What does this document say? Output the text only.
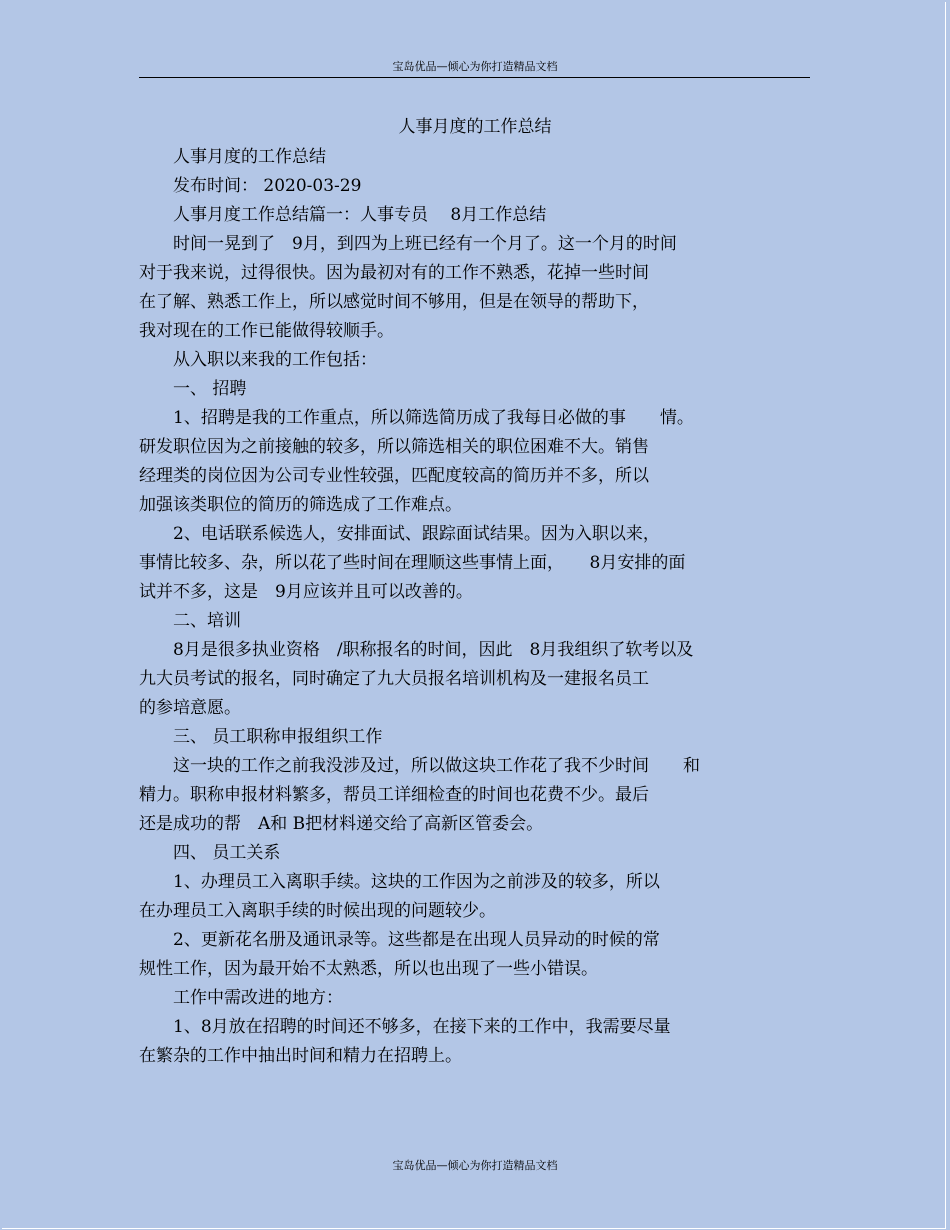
宝岛优品—倾心为你打造精品文档
人事月度的工作总结
人事月度的工作总结
发布时间： 2020-03-29
人事月度工作总结篇一：人事专员　 8月工作总结
时间一晃到了　9月，到四为上班已经有一个月了。这一个月的时间
对于我来说，过得很快。因为最初对有的工作不熟悉，花掉一些时间
在了解、熟悉工作上，所以感觉时间不够用，但是在领导的帮助下，
我对现在的工作已能做得较顺手。
从入职以来我的工作包括：
一、 招聘
1、招聘是我的工作重点，所以筛选简历成了我每日必做的事　　情。
研发职位因为之前接触的较多，所以筛选相关的职位困难不大。销售
经理类的岗位因为公司专业性较强，匹配度较高的简历并不多，所以
加强该类职位的简历的筛选成了工作难点。
2、电话联系候选人，安排面试、跟踪面试结果。因为入职以来，
事情比较多、杂，所以花了些时间在理顺这些事情上面，　　8月安排的面
试并不多，这是　9月应该并且可以改善的。
二、培训
8月是很多执业资格　/职称报名的时间，因此　8月我组织了软考以及
九大员考试的报名，同时确定了九大员报名培训机构及一建报名员工
的参培意愿。
三、 员工职称申报组织工作
这一块的工作之前我没涉及过，所以做这块工作花了我不少时间　　和
精力。职称申报材料繁多，帮员工详细检查的时间也花费不少。最后
还是成功的帮　A和 B把材料递交给了高新区管委会。
四、 员工关系
1、办理员工入离职手续。这块的工作因为之前涉及的较多，所以
在办理员工入离职手续的时候出现的问题较少。
2、更新花名册及通讯录等。这些都是在出现人员异动的时候的常
规性工作，因为最开始不太熟悉，所以也出现了一些小错误。
工作中需改进的地方：
1、8月放在招聘的时间还不够多，在接下来的工作中，我需要尽量
在繁杂的工作中抽出时间和精力在招聘上。
宝岛优品—倾心为你打造精品文档
